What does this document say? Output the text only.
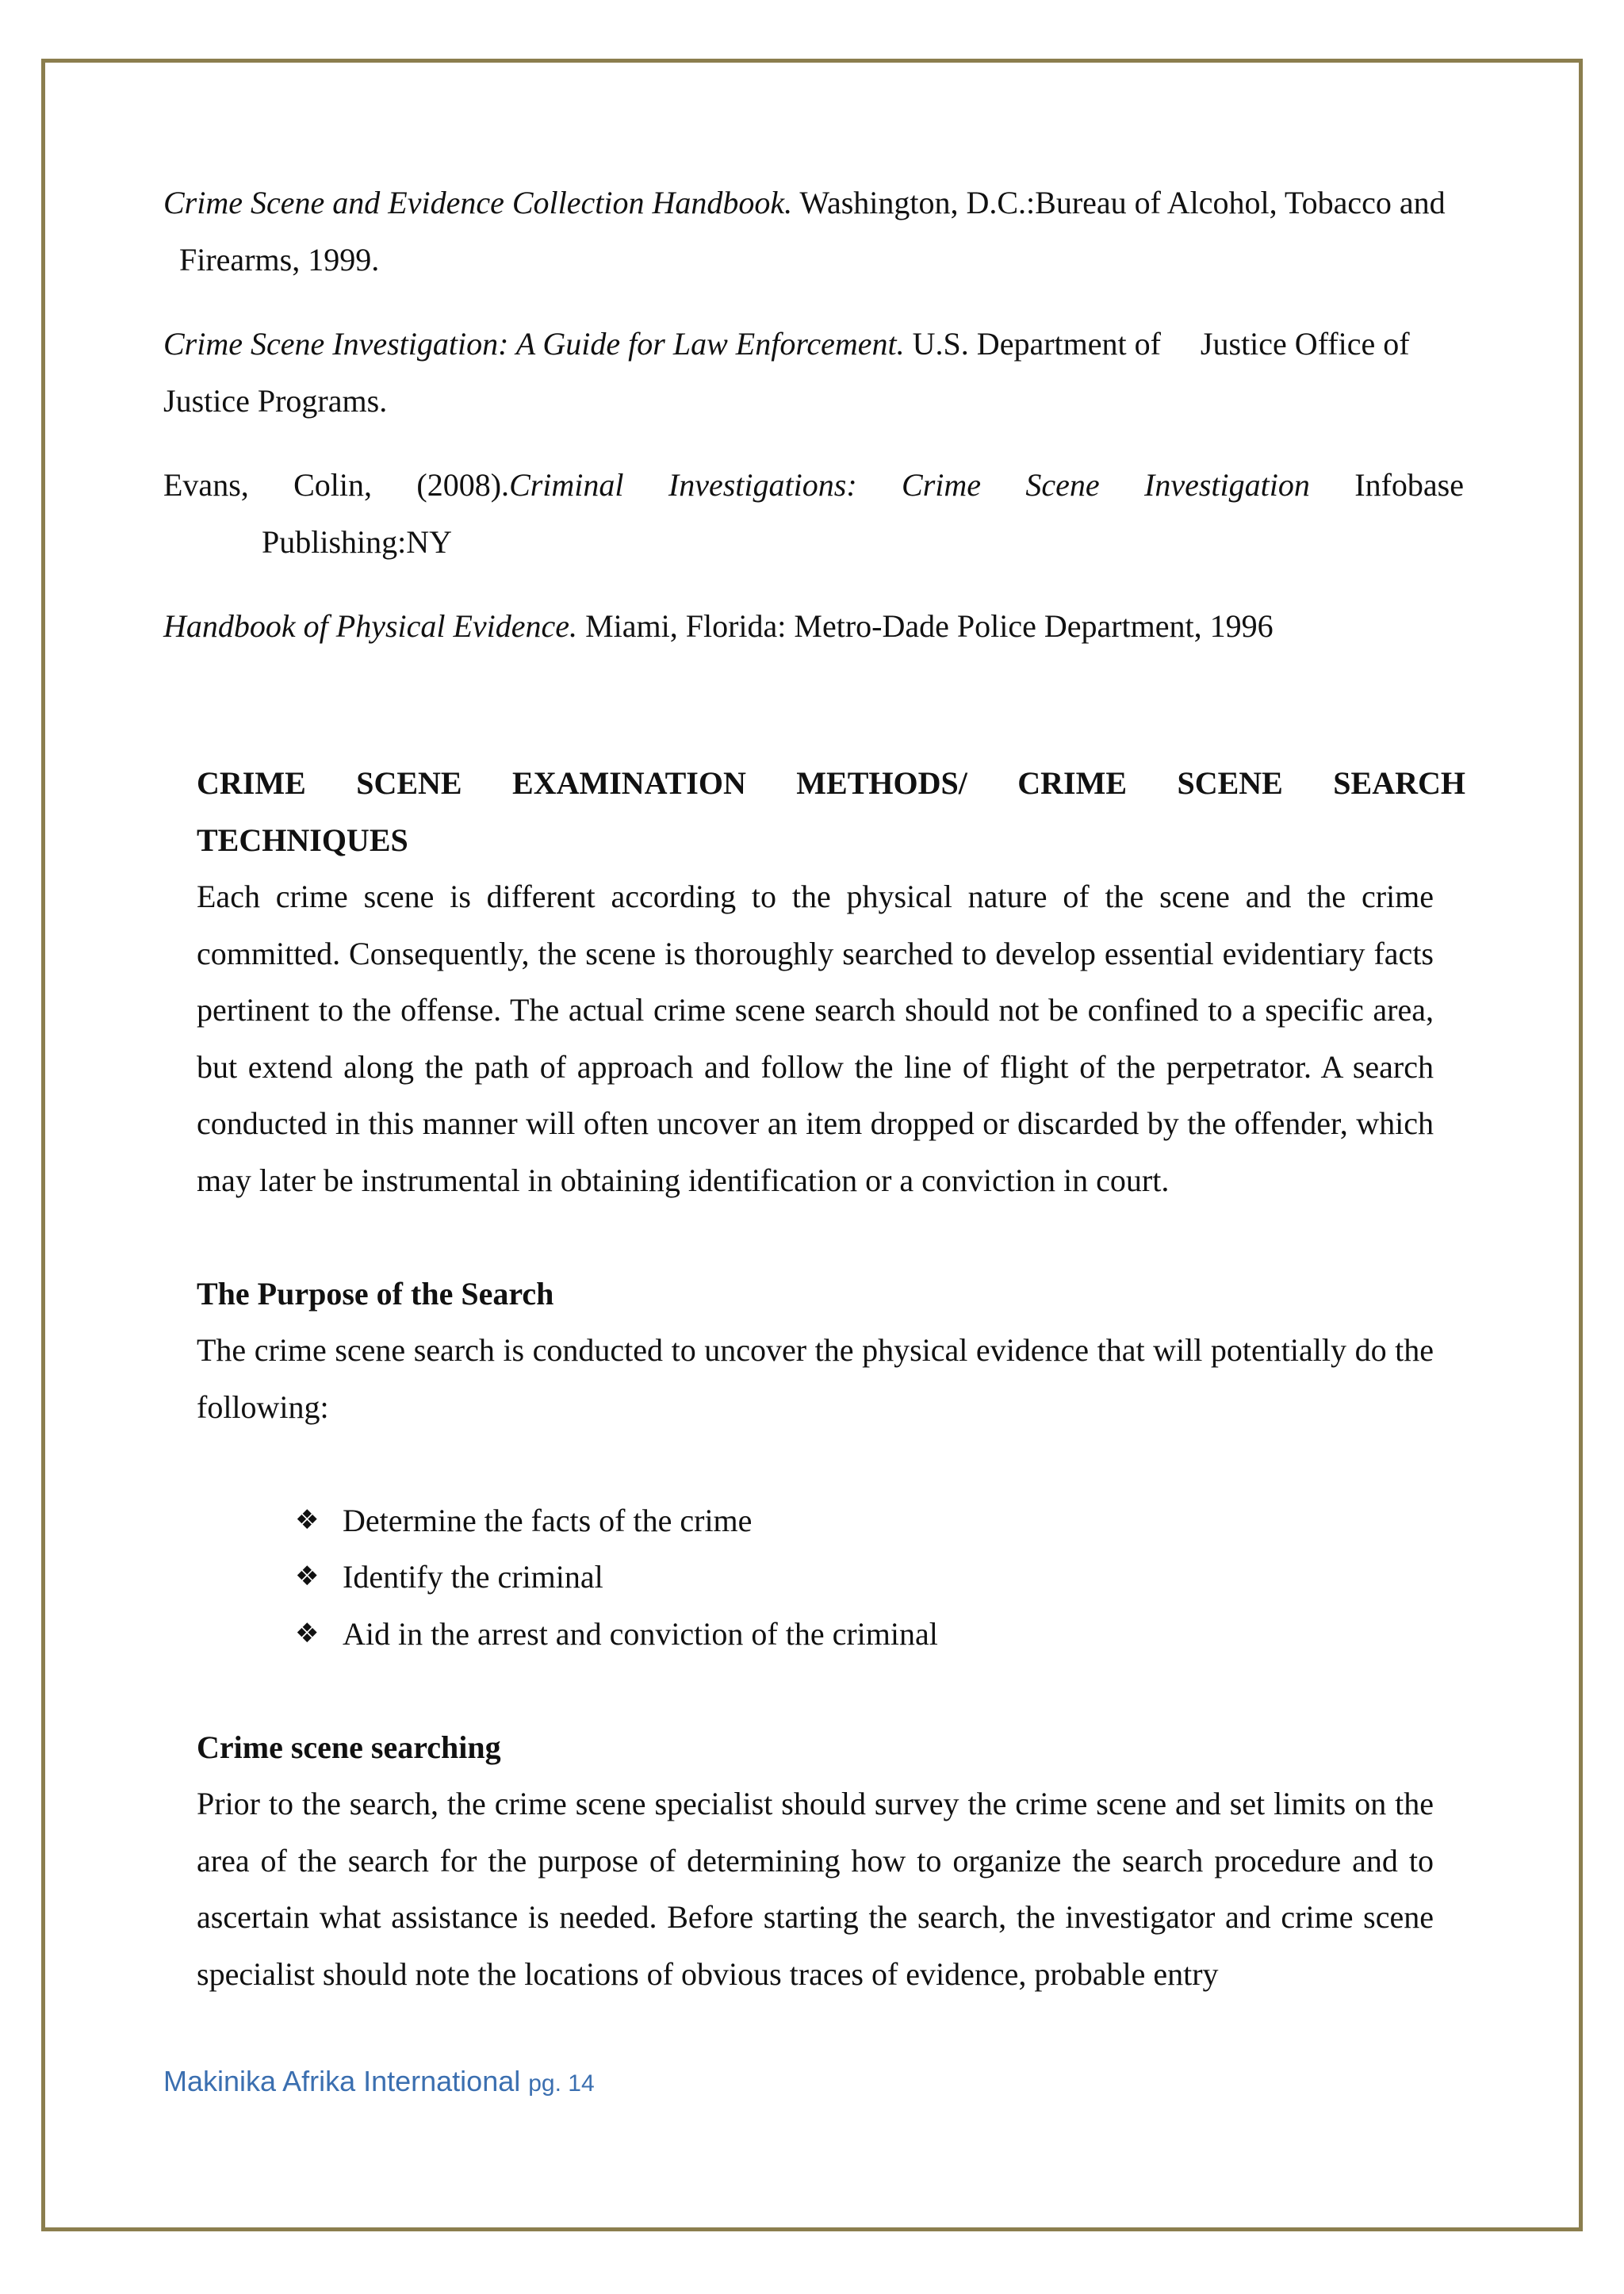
Crime Scene and Evidence Collection Handbook. Washington, D.C.:Bureau of Alcohol, Tobacco and   Firearms, 1999.

Crime Scene Investigation: A Guide for Law Enforcement. U.S. Department of     Justice Office of Justice Programs.

Evans, Colin, (2008).Criminal Investigations: Crime Scene Investigation Infobase

Publishing:NY

Handbook of Physical Evidence. Miami, Florida: Metro-Dade Police Department, 1996

CRIME SCENE EXAMINATION METHODS/ CRIME SCENE SEARCH

TECHNIQUES

Each crime scene is different according to the physical nature of the scene and the crime committed. Consequently, the scene is thoroughly searched to develop essential evidentiary facts pertinent to the offense. The actual crime scene search should not be confined to a specific area, but extend along the path of approach and follow the line of flight of the perpetrator. A search conducted in this manner will often uncover an item dropped or discarded by the offender, which may later be instrumental in obtaining identification or a conviction in court.

The Purpose of the Search

The crime scene search is conducted to uncover the physical evidence that will potentially do the following:

❖ Determine the facts of the crime
❖ Identify the criminal
❖ Aid in the arrest and conviction of the criminal

Crime scene searching

Prior to the search, the crime scene specialist should survey the crime scene and set limits on the area of the search for the purpose of determining how to organize the search procedure and to ascertain what assistance is needed. Before starting the search, the investigator and crime scene specialist should note the locations of obvious traces of evidence, probable entry

Makinika Afrika International pg. 14
